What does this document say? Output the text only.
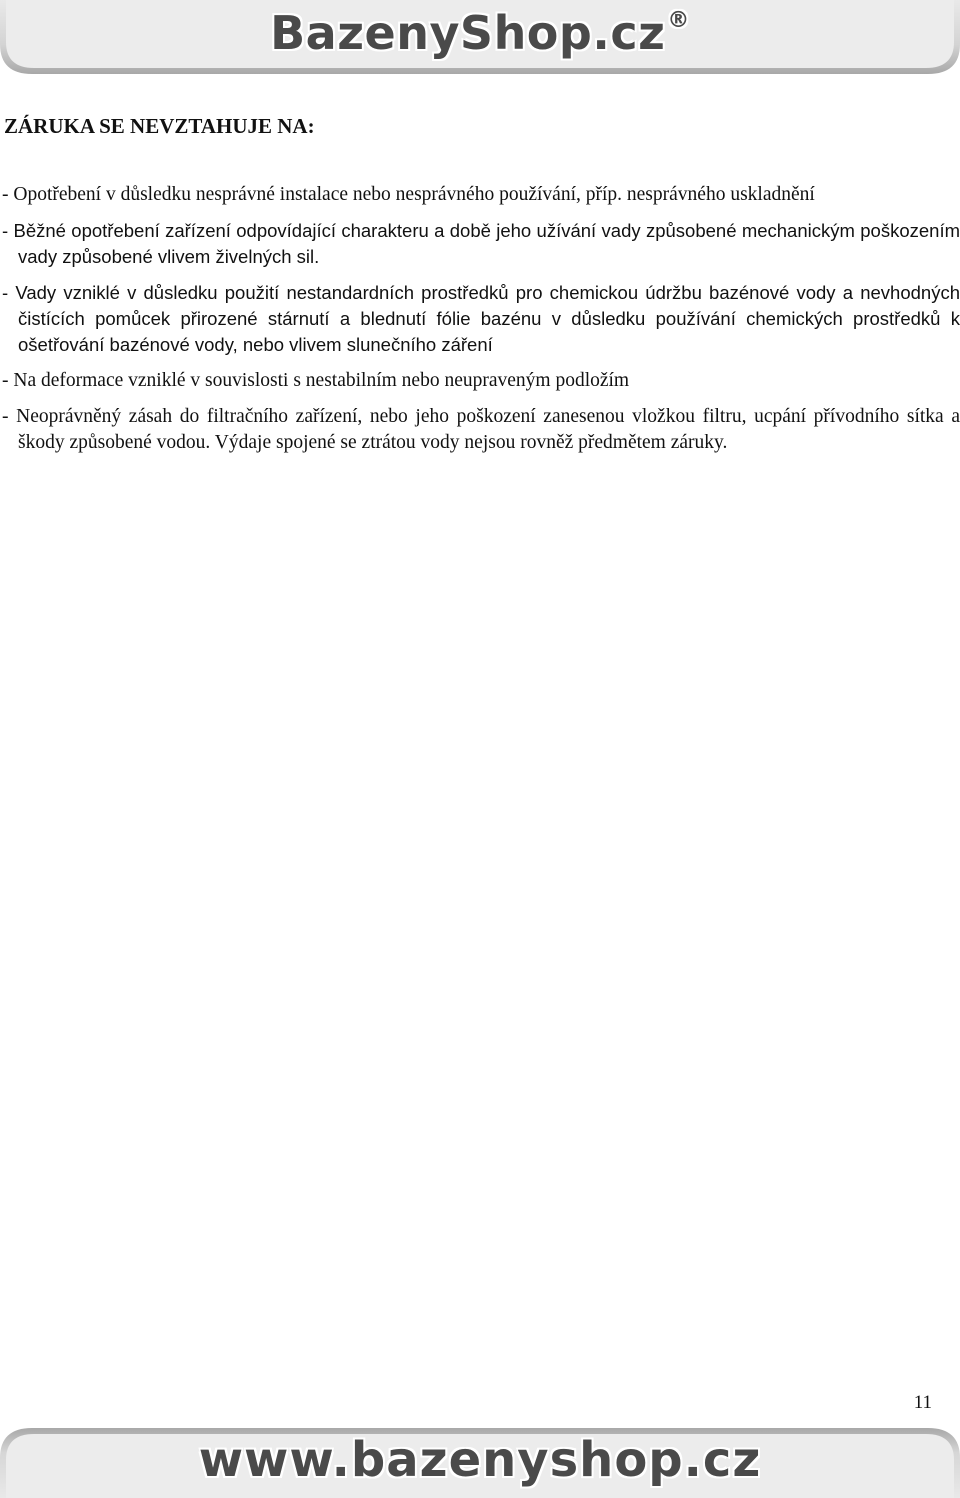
BazenyShop.cz®
ZÁRUKA SE NEVZTAHUJE NA:

- Opotřebení v důsledku nesprávné instalace nebo nesprávného používání, příp. nesprávného uskladnění

- Běžné opotřebení zařízení odpovídající charakteru a době jeho užívání vady způsobené mechanickým poškozením vady způsobené vlivem živelných sil.

- Vady vzniklé v důsledku použití nestandardních prostředků pro chemickou údržbu bazénové vody a nevhodných čistících pomůcek přirozené stárnutí a blednutí fólie bazénu v důsledku používání chemických prostředků k ošetřování bazénové vody, nebo vlivem slunečního záření

- Na deformace vzniklé v souvislosti s nestabilním nebo neupraveným podložím

- Neoprávněný zásah do filtračního zařízení, nebo jeho poškození zanesenou vložkou filtru, ucpání přívodního sítka a škody způsobené vodou. Výdaje spojené se ztrátou vody nejsou rovněž předmětem záruky.

11
www.bazenyshop.cz
